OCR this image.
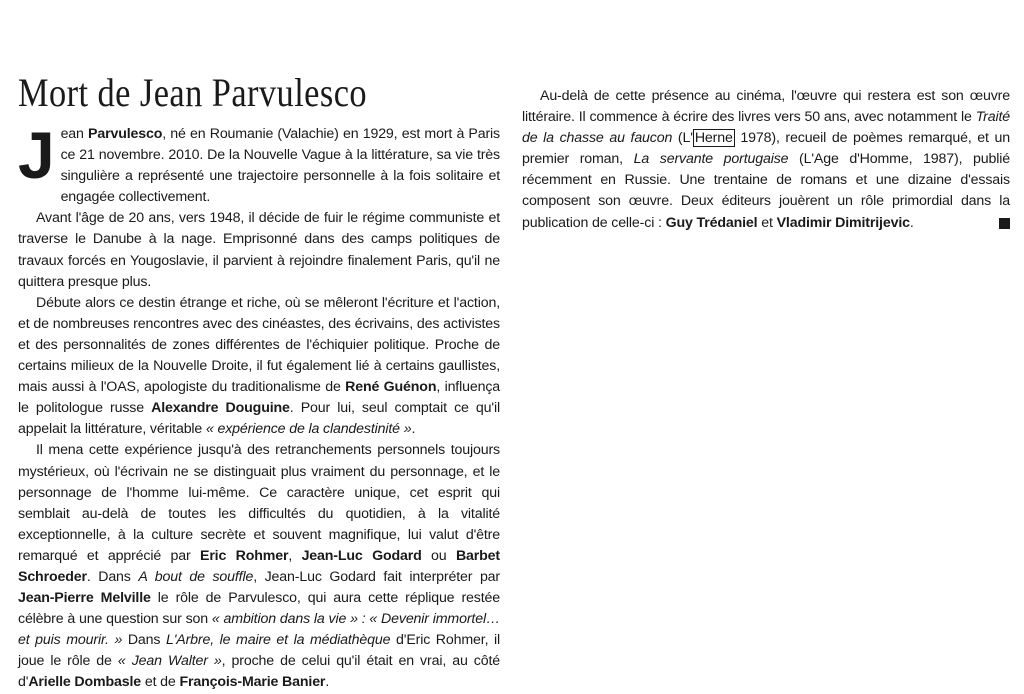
Mort de Jean Parvulesco

Jean Parvulesco, né en Roumanie (Valachie) en 1929, est mort à Paris ce 21 novembre. 2010. De la Nouvelle Vague à la littérature, sa vie très singulière a représenté une trajectoire personnelle à la fois solitaire et engagée collectivement.

Avant l'âge de 20 ans, vers 1948, il décide de fuir le régime communiste et traverse le Danube à la nage. Emprisonné dans des camps politiques de travaux forcés en Yougoslavie, il parvient à rejoindre finalement Paris, qu'il ne quittera presque plus.

Débute alors ce destin étrange et riche, où se mêleront l'écriture et l'action, et de nombreuses rencontres avec des cinéastes, des écrivains, des activistes et des personnalités de zones différentes de l'échiquier politique. Proche de certains milieux de la Nouvelle Droite, il fut également lié à certains gaullistes, mais aussi à l'OAS, apologiste du traditionalisme de René Guénon, influença le politologue russe Alexandre Douguine. Pour lui, seul comptait ce qu'il appelait la littérature, véritable « expérience de la clandestinité ».

Il mena cette expérience jusqu'à des retranchements personnels toujours mystérieux, où l'écrivain ne se distinguait plus vraiment du personnage, et le personnage de l'homme lui-même. Ce caractère unique, cet esprit qui semblait au-delà de toutes les difficultés du quotidien, à la vitalité exceptionnelle, à la culture secrète et souvent magnifique, lui valut d'être remarqué et apprécié par Eric Rohmer, Jean-Luc Godard ou Barbet Schroeder. Dans A bout de souffle, Jean-Luc Godard fait interpréter par Jean-Pierre Melville le rôle de Parvulesco, qui aura cette réplique restée célèbre à une question sur son « ambition dans la vie » : « Devenir immortel… et puis mourir. » Dans L'Arbre, le maire et la médiathèque d'Eric Rohmer, il joue le rôle de « Jean Walter », proche de celui qu'il était en vrai, au côté d'Arielle Dombasle et de François-Marie Banier.

Au-delà de cette présence au cinéma, l'œuvre qui restera est son œuvre littéraire. Il commence à écrire des livres vers 50 ans, avec notamment le Traité de la chasse au faucon (L' Herne 1978), recueil de poèmes remarqué, et un premier roman, La servante portugaise (L'Age d'Homme, 1987), publié récemment en Russie. Une trentaine de romans et une dizaine d'essais composent son œuvre. Deux éditeurs jouèrent un rôle primordial dans la publication de celle-ci : Guy Trédaniel et Vladimir Dimitrijevic.
